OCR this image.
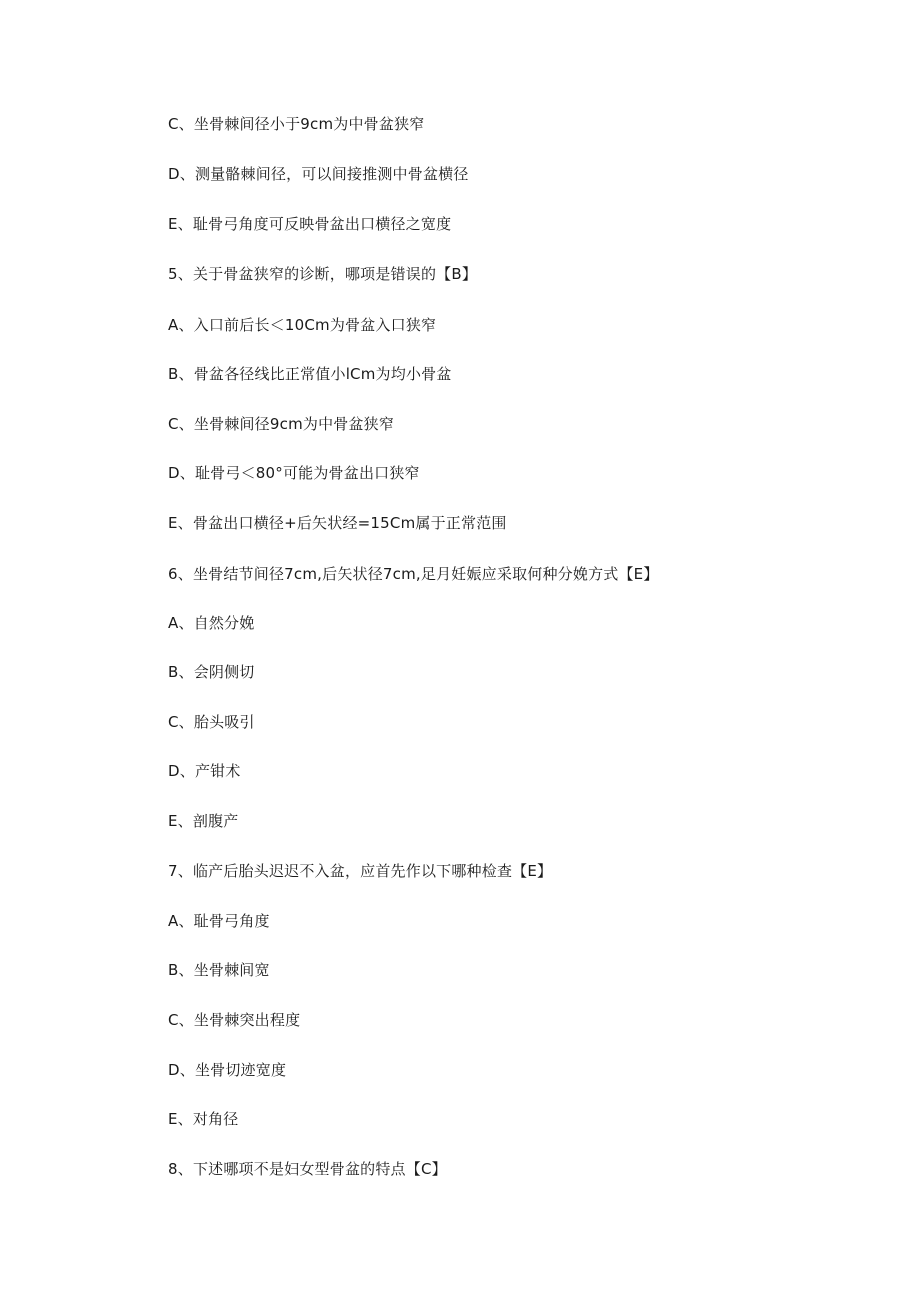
C、坐骨棘间径小于9cm为中骨盆狭窄
D、测量骼棘间径，可以间接推测中骨盆横径
E、耻骨弓角度可反映骨盆出口横径之宽度
5、关于骨盆狭窄的诊断，哪项是错误的【B】
A、入口前后长＜10Cm为骨盆入口狭窄
B、骨盆各径线比正常值小lCm为均小骨盆
C、坐骨棘间径9cm为中骨盆狭窄
D、耻骨弓＜80°可能为骨盆出口狭窄
E、骨盆出口横径+后矢状经=15Cm属于正常范围
6、坐骨结节间径7cm,后矢状径7cm,足月妊娠应采取何种分娩方式【E】
A、自然分娩
B、会阴侧切
C、胎头吸引
D、产钳术
E、剖腹产
7、临产后胎头迟迟不入盆，应首先作以下哪种检查【E】
A、耻骨弓角度
B、坐骨棘间宽
C、坐骨棘突出程度
D、坐骨切迹宽度
E、对角径
8、下述哪项不是妇女型骨盆的特点【C】
